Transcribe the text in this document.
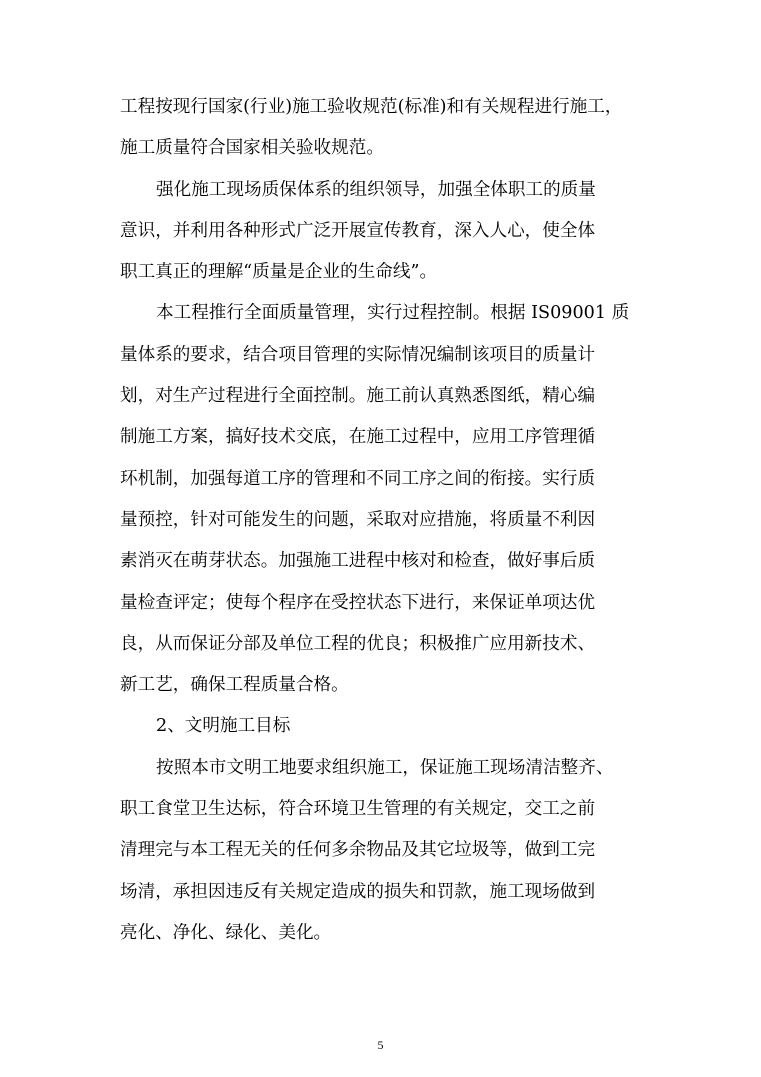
工程按现行国家(行业)施工验收规范(标准)和有关规程进行施工，
施工质量符合国家相关验收规范。
强化施工现场质保体系的组织领导，加强全体职工的质量
意识，并利用各种形式广泛开展宣传教育，深入人心，使全体
职工真正的理解“质量是企业的生命线”。
本工程推行全面质量管理，实行过程控制。根据 IS09001 质
量体系的要求，结合项目管理的实际情况编制该项目的质量计
划，对生产过程进行全面控制。施工前认真熟悉图纸，精心编
制施工方案，搞好技术交底，在施工过程中，应用工序管理循
环机制，加强每道工序的管理和不同工序之间的衔接。实行质
量预控，针对可能发生的问题，采取对应措施，将质量不利因
素消灭在萌芽状态。加强施工进程中核对和检查，做好事后质
量检查评定；使每个程序在受控状态下进行，来保证单项达优
良，从而保证分部及单位工程的优良；积极推广应用新技术、
新工艺，确保工程质量合格。
2、文明施工目标
按照本市文明工地要求组织施工，保证施工现场清洁整齐、
职工食堂卫生达标，符合环境卫生管理的有关规定，交工之前
清理完与本工程无关的任何多余物品及其它垃圾等，做到工完
场清，承担因违反有关规定造成的损失和罚款，施工现场做到
亮化、净化、绿化、美化。
5
